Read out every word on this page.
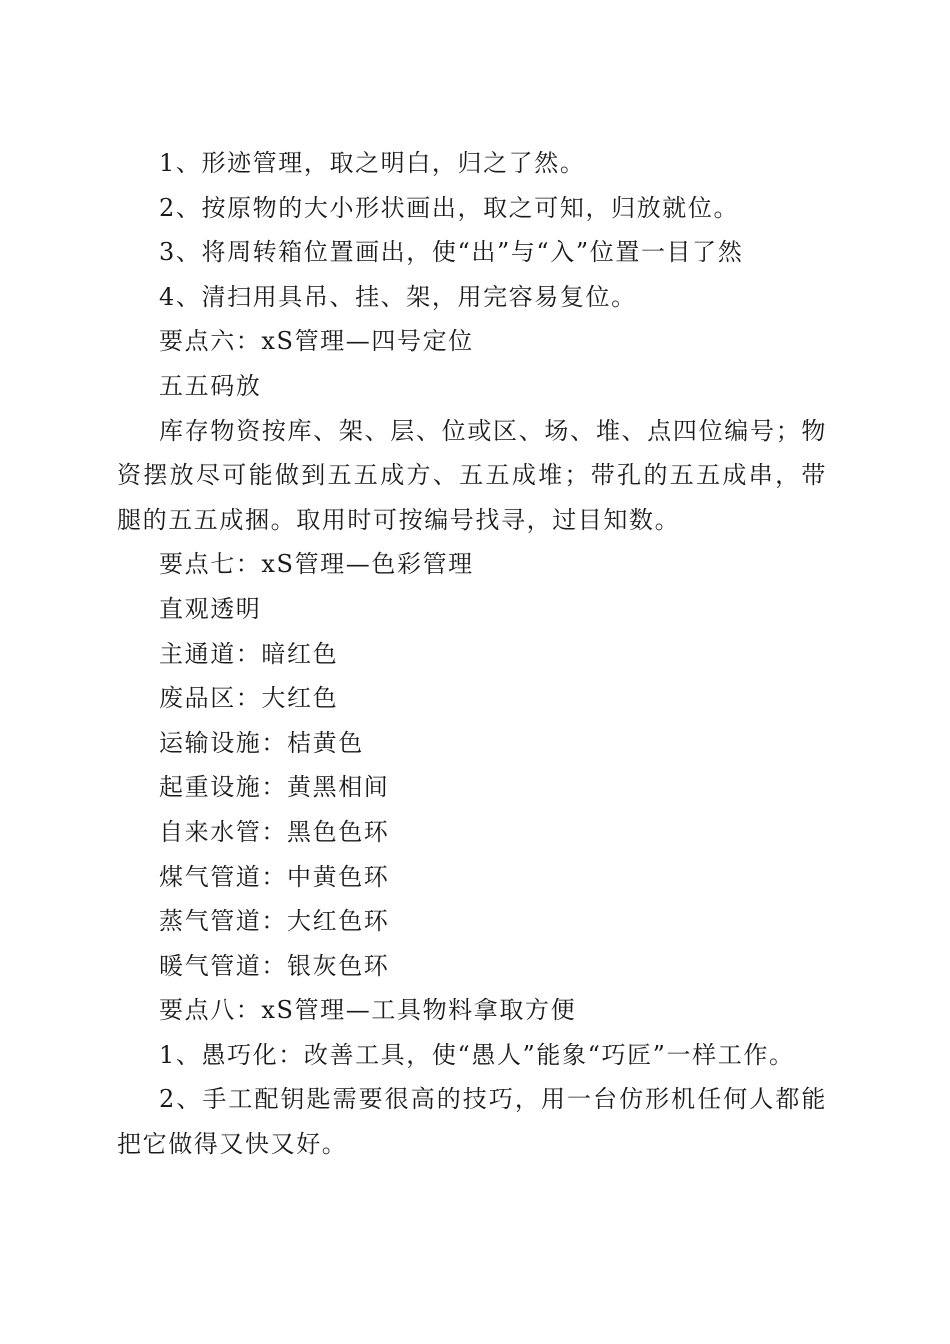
1、形迹管理，取之明白，归之了然。

2、按原物的大小形状画出，取之可知，归放就位。

3、将周转箱位置画出，使“出”与“入”位置一目了然

4、清扫用具吊、挂、架，用完容易复位。

要点六：xS管理—四号定位

五五码放

库存物资按库、架、层、位或区、场、堆、点四位编号；物资摆放尽可能做到五五成方、五五成堆；带孔的五五成串，带腿的五五成捆。取用时可按编号找寻，过目知数。

要点七：xS管理—色彩管理

直观透明

主通道：暗红色

废品区：大红色

运输设施：桔黄色

起重设施：黄黑相间

自来水管：黑色色环

煤气管道：中黄色环

蒸气管道：大红色环

暖气管道：银灰色环

要点八：xS管理—工具物料拿取方便

1、愚巧化：改善工具，使“愚人”能象“巧匠”一样工作。

2、手工配钥匙需要很高的技巧，用一台仿形机任何人都能把它做得又快又好。
